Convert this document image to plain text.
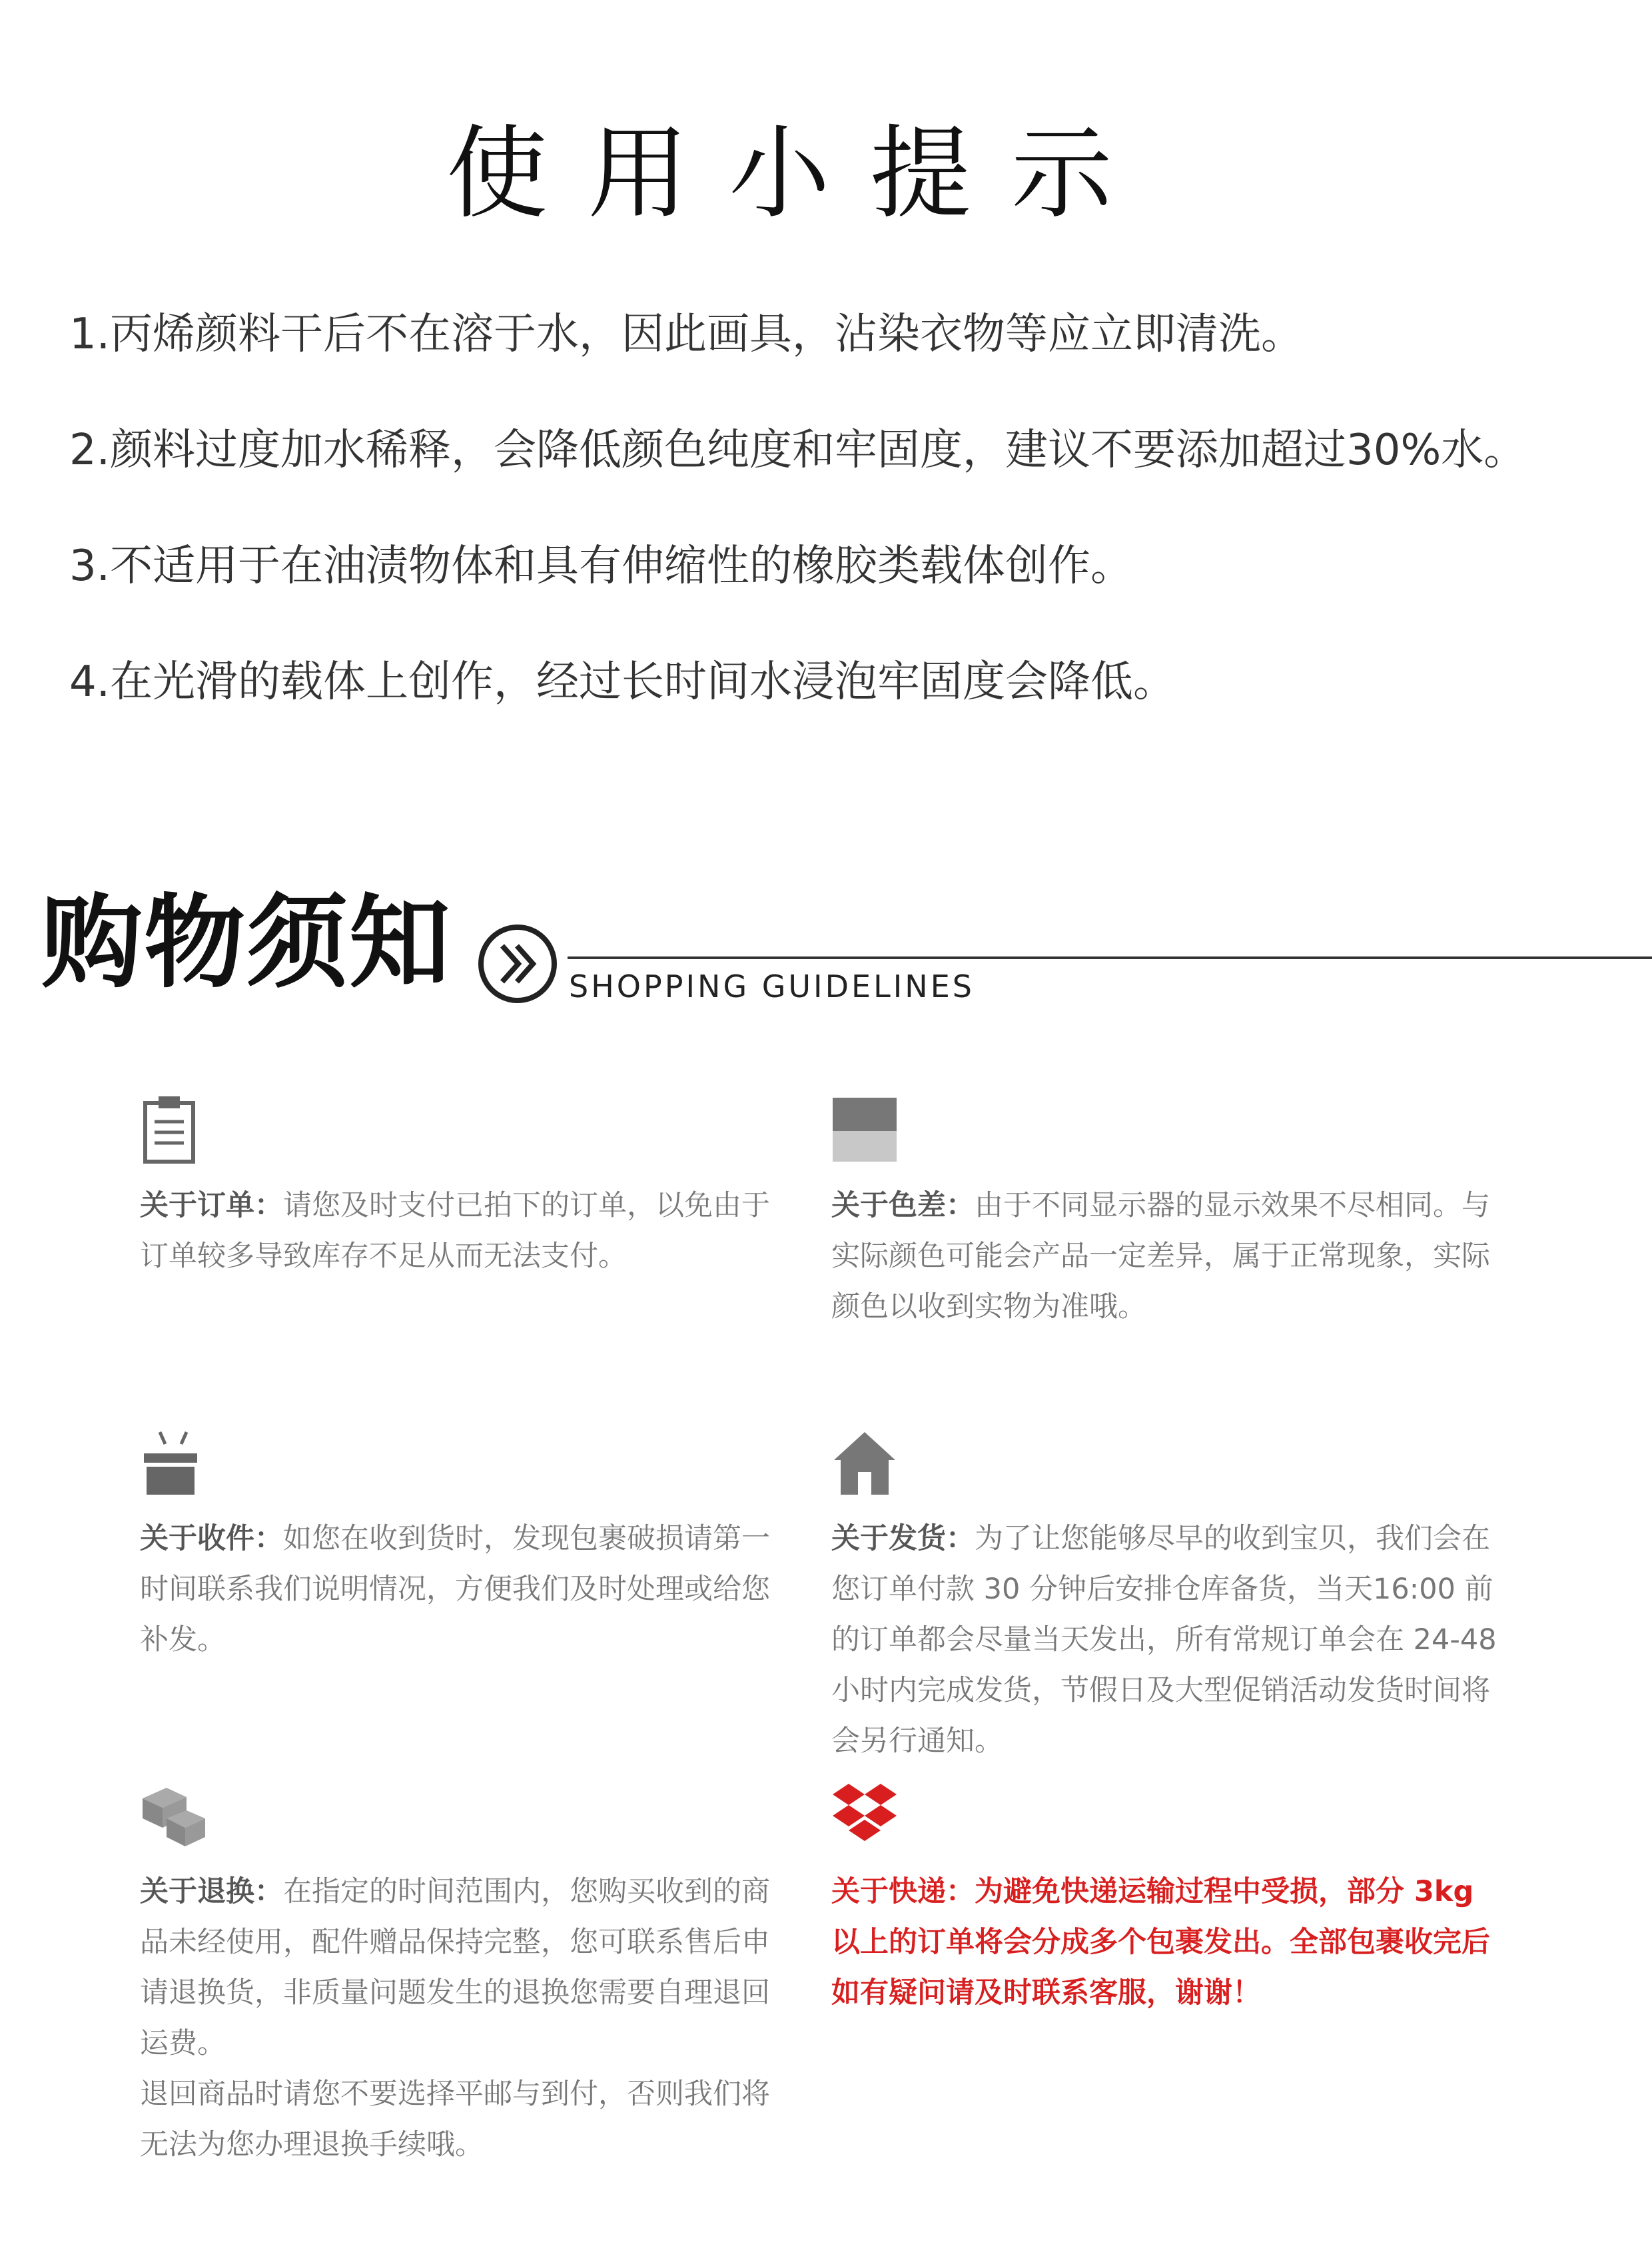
使用小提示
1.丙烯颜料干后不在溶于水，因此画具，沾染衣物等应立即清洗。
2.颜料过度加水稀释，会降低颜色纯度和牢固度，建议不要添加超过30%水。
3.不适用于在油渍物体和具有伸缩性的橡胶类载体创作。
4.在光滑的载体上创作，经过长时间水浸泡牢固度会降低。
购物须知	SHOPPING GUIDELINES
关于订单：请您及时支付已拍下的订单，以免由于订单较多导致库存不足从而无法支付。
关于色差：由于不同显示器的显示效果不尽相同。与实际颜色可能会产品一定差异，属于正常现象，实际颜色以收到实物为准哦。
关于收件：如您在收到货时，发现包裹破损请第一时间联系我们说明情况，方便我们及时处理或给您补发。
关于发货：为了让您能够尽早的收到宝贝，我们会在您订单付款 30 分钟后安排仓库备货，当天16:00 前的订单都会尽量当天发出，所有常规订单会在 24-48 小时内完成发货，节假日及大型促销活动发货时间将会另行通知。
关于退换：在指定的时间范围内，您购买收到的商品未经使用，配件赠品保持完整，您可联系售后申请退换货，非质量问题发生的退换您需要自理退回运费。
退回商品时请您不要选择平邮与到付，否则我们将无法为您办理退换手续哦。
关于快递：为避免快递运输过程中受损，部分 3kg 以上的订单将会分成多个包裹发出。全部包裹收完后如有疑问请及时联系客服，谢谢！
